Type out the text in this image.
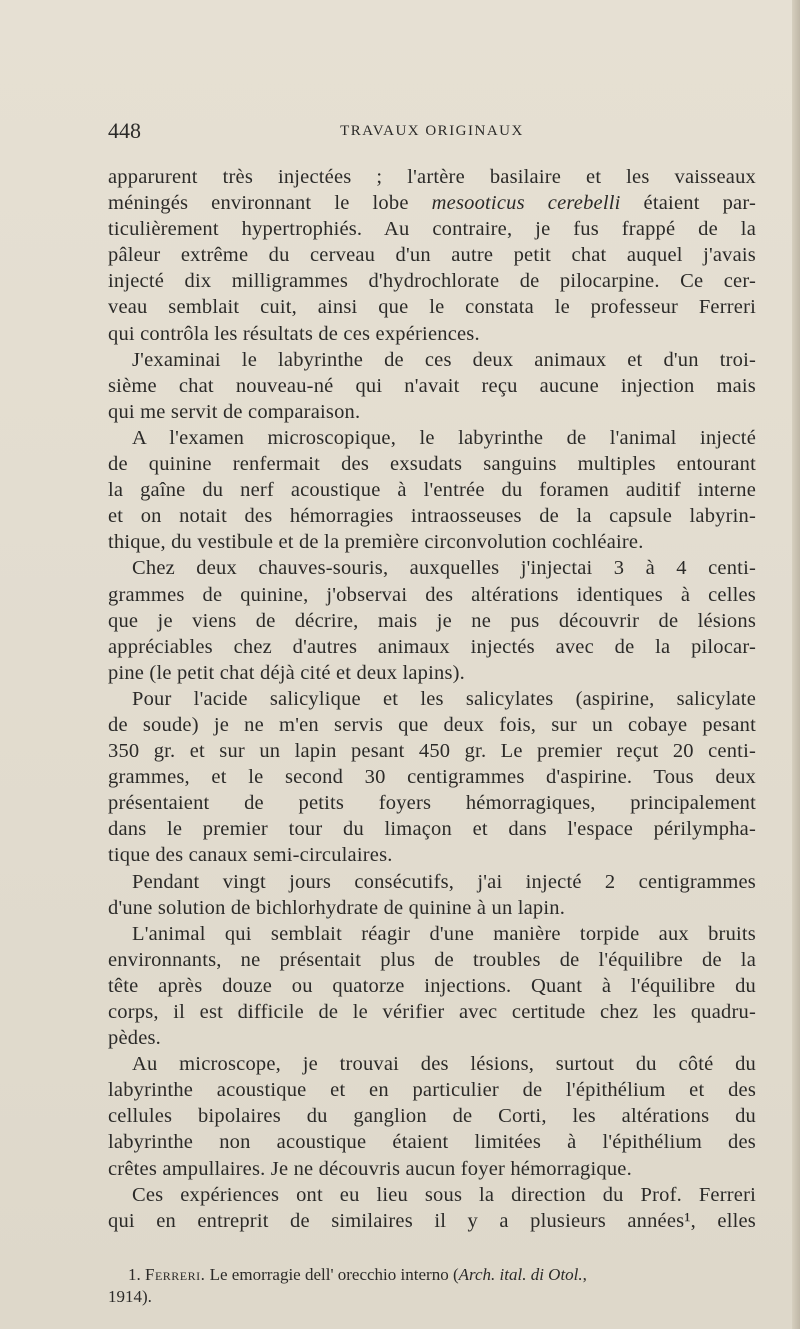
448	TRAVAUX ORIGINAUX
apparurent très injectées ; l'artère basilaire et les vaisseaux
méningés environnant le lobe mesooticus cerebelli étaient par-
ticulièrement hypertrophiés. Au contraire, je fus frappé de la
pâleur extrême du cerveau d'un autre petit chat auquel j'avais
injecté dix milligrammes d'hydrochlorate de pilocarpine. Ce cer-
veau semblait cuit, ainsi que le constata le professeur Ferreri
qui contrôla les résultats de ces expériences.
J'examinai le labyrinthe de ces deux animaux et d'un troi-
sième chat nouveau-né qui n'avait reçu aucune injection mais
qui me servit de comparaison.
A l'examen microscopique, le labyrinthe de l'animal injecté
de quinine renfermait des exsudats sanguins multiples entourant
la gaîne du nerf acoustique à l'entrée du foramen auditif interne
et on notait des hémorragies intraosseuses de la capsule labyrin-
thique, du vestibule et de la première circonvolution cochléaire.
Chez deux chauves-souris, auxquelles j'injectai 3 à 4 centi-
grammes de quinine, j'observai des altérations identiques à celles
que je viens de décrire, mais je ne pus découvrir de lésions
appréciables chez d'autres animaux injectés avec de la pilocar-
pine (le petit chat déjà cité et deux lapins).
Pour l'acide salicylique et les salicylates (aspirine, salicylate
de soude) je ne m'en servis que deux fois, sur un cobaye pesant
350 gr. et sur un lapin pesant 450 gr. Le premier reçut 20 centi-
grammes, et le second 30 centigrammes d'aspirine. Tous deux
présentaient de petits foyers hémorragiques, principalement
dans le premier tour du limaçon et dans l'espace périlympha-
tique des canaux semi-circulaires.
Pendant vingt jours consécutifs, j'ai injecté 2 centigrammes
d'une solution de bichlorhydrate de quinine à un lapin.
L'animal qui semblait réagir d'une manière torpide aux bruits
environnants, ne présentait plus de troubles de l'équilibre de la
tête après douze ou quatorze injections. Quant à l'équilibre du
corps, il est difficile de le vérifier avec certitude chez les quadru-
pèdes.
Au microscope, je trouvai des lésions, surtout du côté du
labyrinthe acoustique et en particulier de l'épithélium et des
cellules bipolaires du ganglion de Corti, les altérations du
labyrinthe non acoustique étaient limitées à l'épithélium des
crêtes ampullaires. Je ne découvris aucun foyer hémorragique.
Ces expériences ont eu lieu sous la direction du Prof. Ferreri
qui en entreprit de similaires il y a plusieurs années¹, elles
1. Ferreri. Le emorragie dell' orecchio interno (Arch. ital. di Otol.,
1914).
